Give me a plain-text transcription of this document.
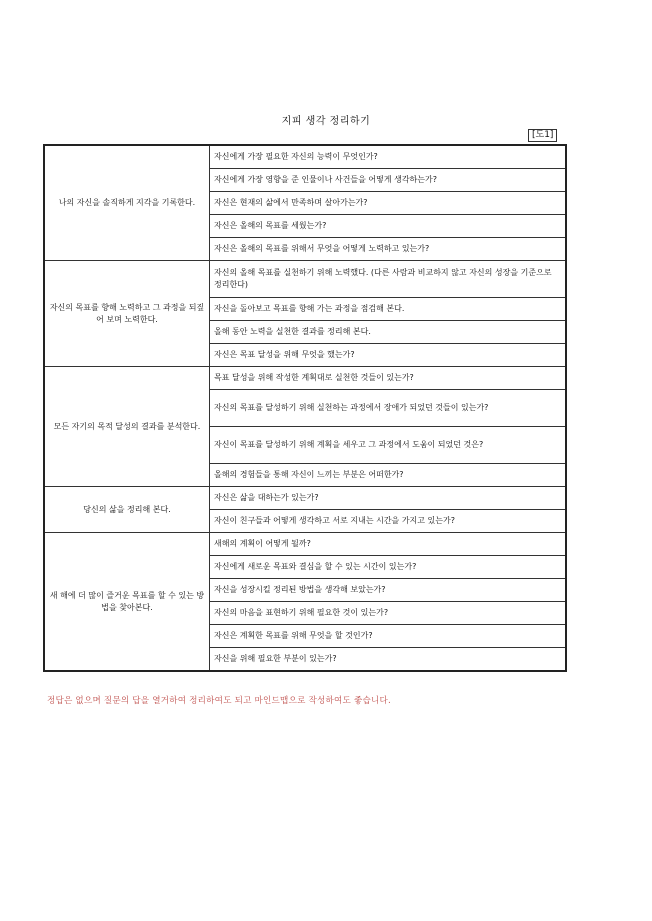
지피 생각 정리하기
[도1]
나의 자신을 솔직하게 지각을 기록한다.	자신에게 가장 필요한 자신의 능력이 무엇인가?
	자신에게 가장 영향을 준 인물이나 사건들을 어떻게 생각하는가?
	자신은 현재의 삶에서 만족하며 살아가는가?
	자신은 올해의 목표를 세웠는가?
	자신은 올해의 목표를 위해서 무엇을 어떻게 노력하고 있는가?
자신의 목표를 향해 노력하고 그 과정을 되짚어 보며 노력한다.	자신의 올해 목표를 실천하기 위해 노력했다. (다른 사람과 비교하지 않고 자신의 성장을 기준으로 정리한다)
	자신을 돌아보고 목표를 향해 가는 과정을 점검해 본다.
	올해 동안 노력을 실천한 결과를 정리해 본다.
	자신은 목표 달성을 위해 무엇을 했는가?
모든 자기의 목적 달성의 결과를 분석한다.	목표 달성을 위해 작성한 계획대로 실천한 것들이 있는가?
	자신의 목표를 달성하기 위해 실천하는 과정에서 장애가 되었던 것들이 있는가?
	자신이 목표를 달성하기 위해 계획을 세우고 그 과정에서 도움이 되었던 것은?
	올해의 경험들을 통해 자신이 느끼는 부분은 어떠한가?
당신의 삶을 정리해 본다.	자신은 삶을 대하는가 있는가?
	자신이 친구들과 어떻게 생각하고 서로 지내는 시간을 가지고 있는가?
새 해에 더 많이 즐거운 목표를 할 수 있는 방법을 찾아본다.	새해의 계획이 어떻게 될까?
	자신에게 새로운 목표와 결심을 할 수 있는 시간이 있는가?
	자신을 성장시킬 정리된 방법을 생각해 보았는가?
	자신의 마음을 표현하기 위해 필요한 것이 있는가?
	자신은 계획한 목표를 위해 무엇을 할 것인가?
	자신을 위해 필요한 부분이 있는가?
정답은 없으며 질문의 답을 열거하여 정리하여도 되고 마인드맵으로 작성하여도 좋습니다.
